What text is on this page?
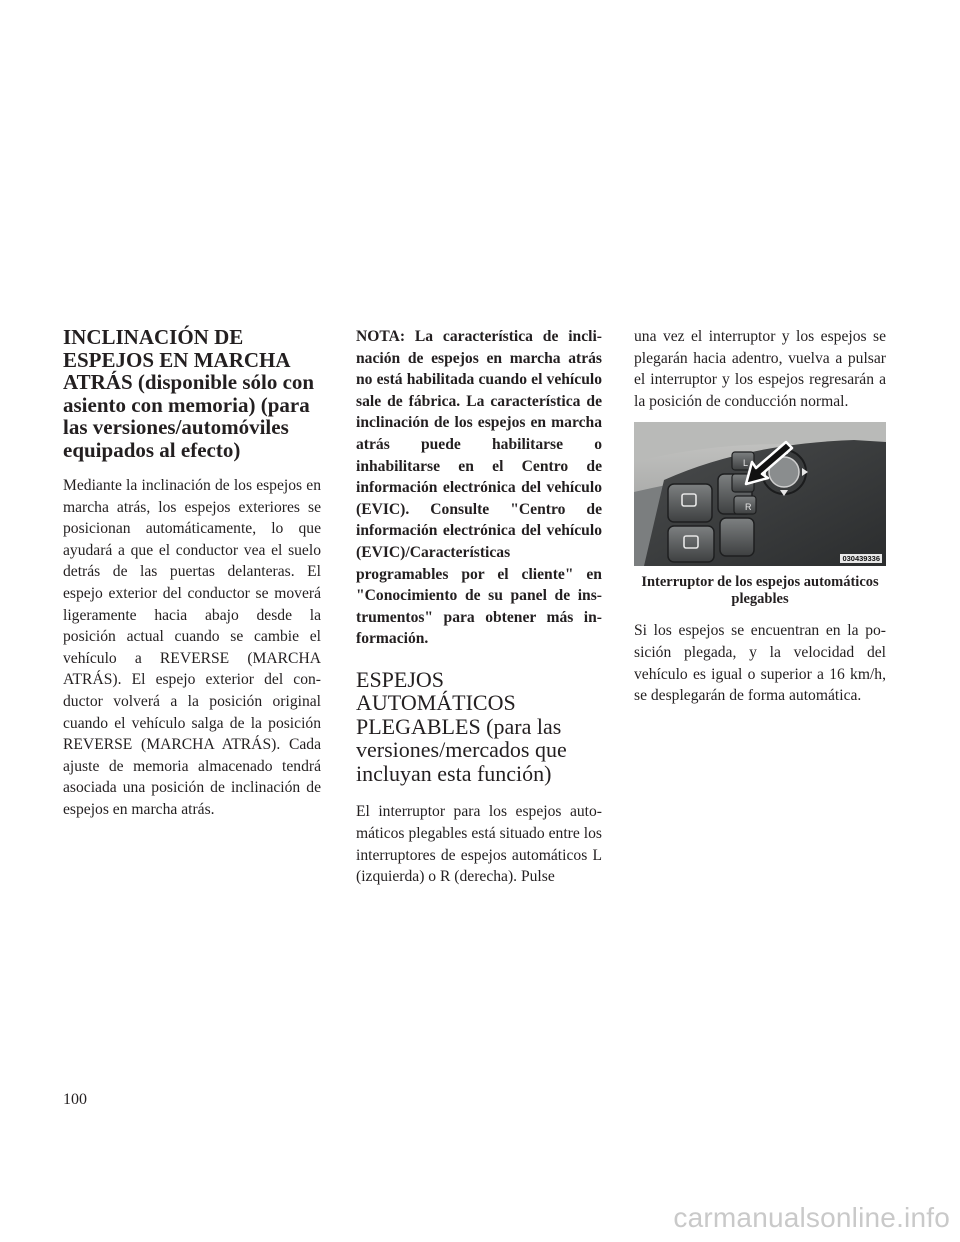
INCLINACIÓN DE ESPEJOS EN MARCHA ATRÁS (disponible sólo con asiento con memoria) (para las versiones/automóviles equipados al efecto)

Mediante la inclinación de los espejos en marcha atrás, los espejos exteriores se posicionan automáticamente, lo que ayudará a que el conductor vea el suelo detrás de las puertas delanteras. El espejo exterior del conductor se moverá ligeramente hacia abajo desde la posición actual cuando se cambie el vehículo a REVERSE (MARCHA ATRÁS). El espejo exterior del conductor volverá a la posición original cuando el vehículo salga de la posición REVERSE (MARCHA ATRÁS). Cada ajuste de memoria almacenado tendrá asociada una posición de inclinación de espejos en marcha atrás.

NOTA: La característica de inclinación de espejos en marcha atrás no está habilitada cuando el vehículo sale de fábrica. La característica de inclinación de los espejos en marcha atrás puede habilitarse o inhabilitarse en el Centro de información electrónica del vehículo (EVIC). Consulte "Centro de información electrónica del vehículo (EVIC)/Características programables por el cliente" en "Conocimiento de su panel de instrumentos" para obtener más información.

ESPEJOS AUTOMÁTICOS PLEGABLES (para las versiones/mercados que incluyan esta función)

El interruptor para los espejos automáticos plegables está situado entre los interruptores de espejos automáticos L (izquierda) o R (derecha). Pulse

una vez el interruptor y los espejos se plegarán hacia adentro, vuelva a pulsar el interruptor y los espejos regresarán a la posición de conducción normal.

L
R
030439336
Interruptor de los espejos automáticos plegables

Si los espejos se encuentran en la posición plegada, y la velocidad del vehículo es igual o superior a 16 km/h, se desplegarán de forma automática.

100
carmanualsonline.info
